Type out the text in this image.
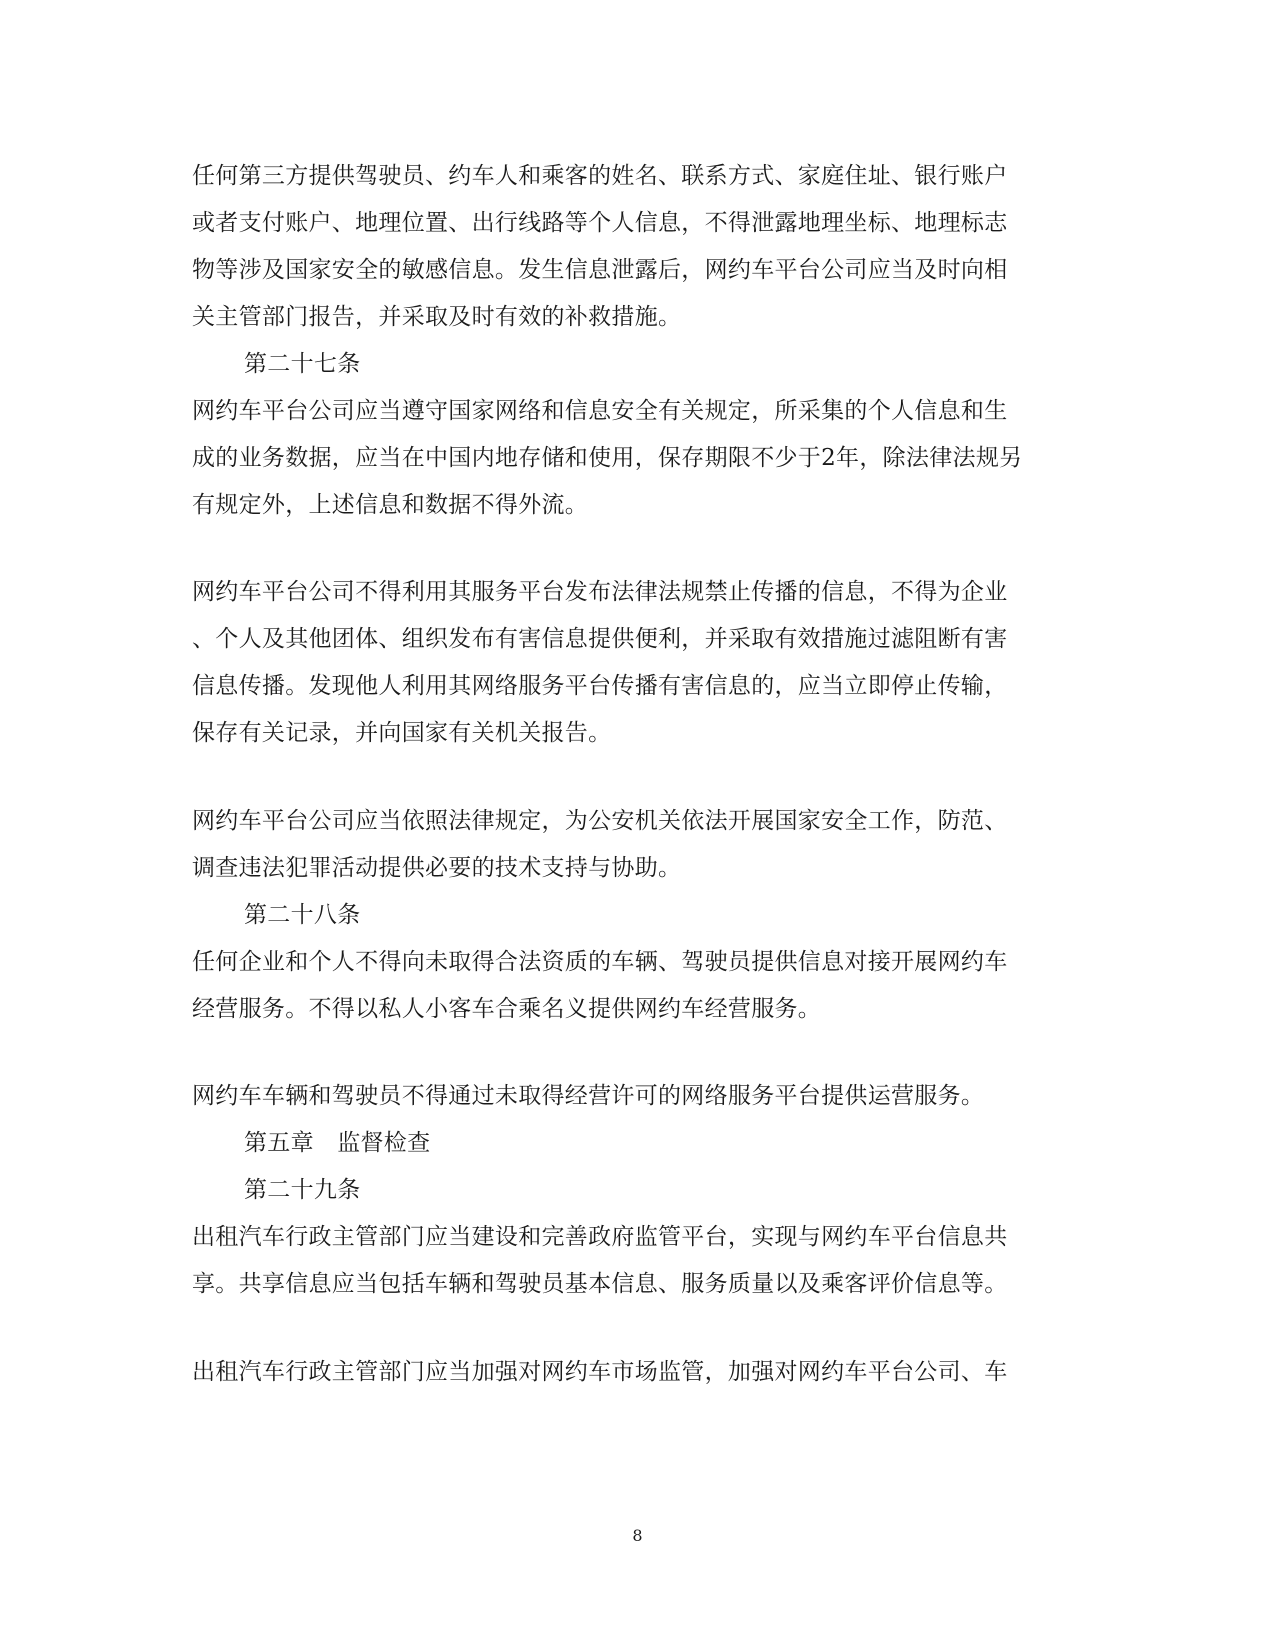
任何第三方提供驾驶员、约车人和乘客的姓名、联系方式、家庭住址、银行账户
或者支付账户、地理位置、出行线路等个人信息，不得泄露地理坐标、地理标志
物等涉及国家安全的敏感信息。发生信息泄露后，网约车平台公司应当及时向相
关主管部门报告，并采取及时有效的补救措施。
第二十七条
网约车平台公司应当遵守国家网络和信息安全有关规定，所采集的个人信息和生
成的业务数据，应当在中国内地存储和使用，保存期限不少于2年，除法律法规另
有规定外，上述信息和数据不得外流。
网约车平台公司不得利用其服务平台发布法律法规禁止传播的信息，不得为企业
、个人及其他团体、组织发布有害信息提供便利，并采取有效措施过滤阻断有害
信息传播。发现他人利用其网络服务平台传播有害信息的，应当立即停止传输，
保存有关记录，并向国家有关机关报告。
网约车平台公司应当依照法律规定，为公安机关依法开展国家安全工作，防范、
调查违法犯罪活动提供必要的技术支持与协助。
第二十八条
任何企业和个人不得向未取得合法资质的车辆、驾驶员提供信息对接开展网约车
经营服务。不得以私人小客车合乘名义提供网约车经营服务。
网约车车辆和驾驶员不得通过未取得经营许可的网络服务平台提供运营服务。
第五章　监督检查
第二十九条
出租汽车行政主管部门应当建设和完善政府监管平台，实现与网约车平台信息共
享。共享信息应当包括车辆和驾驶员基本信息、服务质量以及乘客评价信息等。
出租汽车行政主管部门应当加强对网约车市场监管，加强对网约车平台公司、车
8
